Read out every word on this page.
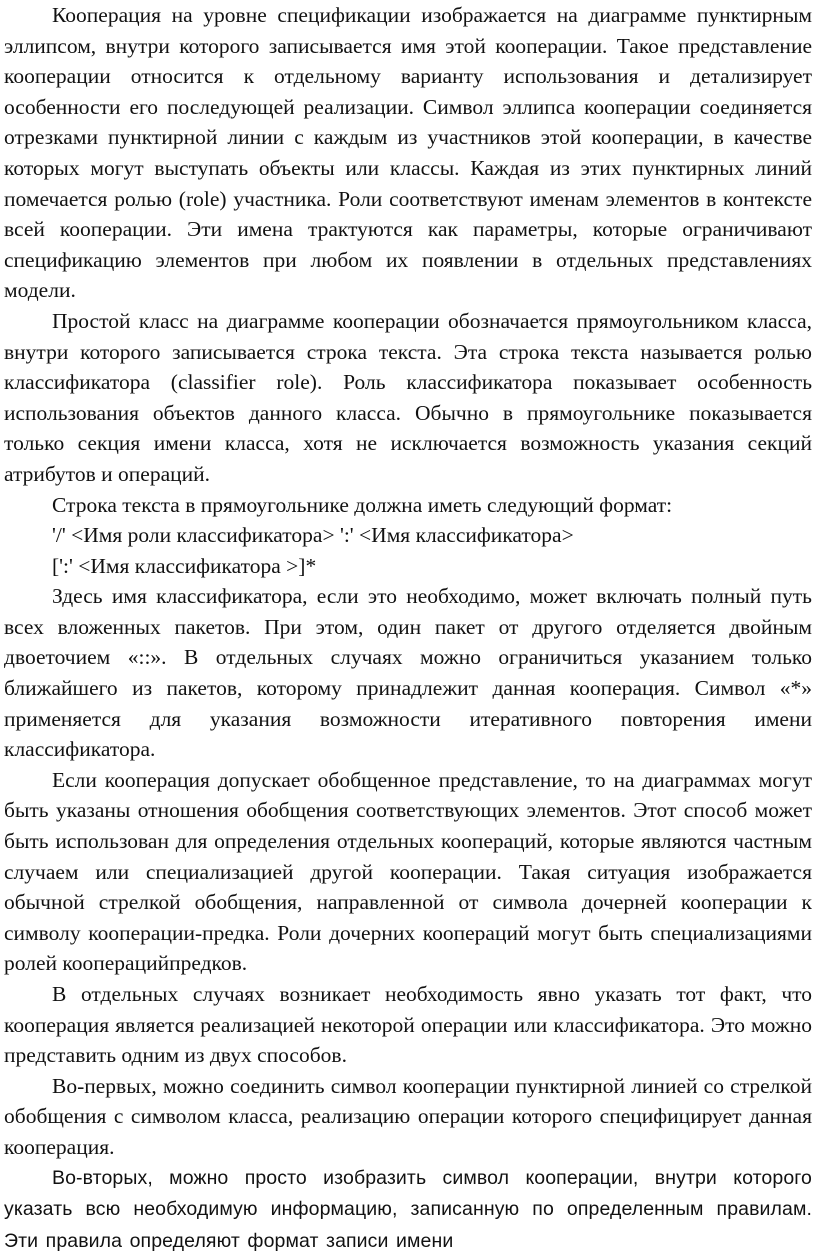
Кооперация на уровне спецификации изображается на диаграмме пунктирным эллипсом, внутри которого записывается имя этой кооперации. Такое представление кооперации относится к отдельному варианту использования и детализирует особенности его последующей реализации. Символ эллипса кооперации соединяется отрезками пунктирной линии с каждым из участников этой кооперации, в качестве которых могут выступать объекты или классы. Каждая из этих пунктирных линий помечается ролью (role) участника. Роли соответствуют именам элементов в контексте всей кооперации. Эти имена трактуются как параметры, которые ограничивают спецификацию элементов при любом их появлении в отдельных представлениях модели.

Простой класс на диаграмме кооперации обозначается прямоугольником класса, внутри которого записывается строка текста. Эта строка текста называется ролью классификатора (classifier role). Роль классификатора показывает особенность использования объектов данного класса. Обычно в прямоугольнике показывается только секция имени класса, хотя не исключается возможность указания секций атрибутов и операций.

Строка текста в прямоугольнике должна иметь следующий формат:

'/' <Имя роли классификатора> ':' <Имя классификатора>

[':' <Имя классификатора >]*

Здесь имя классификатора, если это необходимо, может включать полный путь всех вложенных пакетов. При этом, один пакет от другого отделяется двойным двоеточием «::». В отдельных случаях можно ограничиться указанием только ближайшего из пакетов, которому принадлежит данная кооперация. Символ «*» применяется для указания возможности итеративного повторения имени классификатора.

Если кооперация допускает обобщенное представление, то на диаграммах могут быть указаны отношения обобщения соответствующих элементов. Этот способ может быть использован для определения отдельных коопераций, которые являются частным случаем или специализацией другой кооперации. Такая ситуация изображается обычной стрелкой обобщения, направленной от символа дочерней кооперации к символу кооперации-предка. Роли дочерних коопераций могут быть специализациями ролей кооперацийпредков.

В отдельных случаях возникает необходимость явно указать тот факт, что кооперация является реализацией некоторой операции или классификатора. Это можно представить одним из двух способов.

Во-первых, можно соединить символ кооперации пунктирной линией со стрелкой обобщения с символом класса, реализацию операции которого специфицирует данная кооперация.

Во-вторых, можно просто изобразить символ кооперации, внутри которого указать всю необходимую информацию, записанную по определенным правилам. Эти правила определяют формат записи имени
